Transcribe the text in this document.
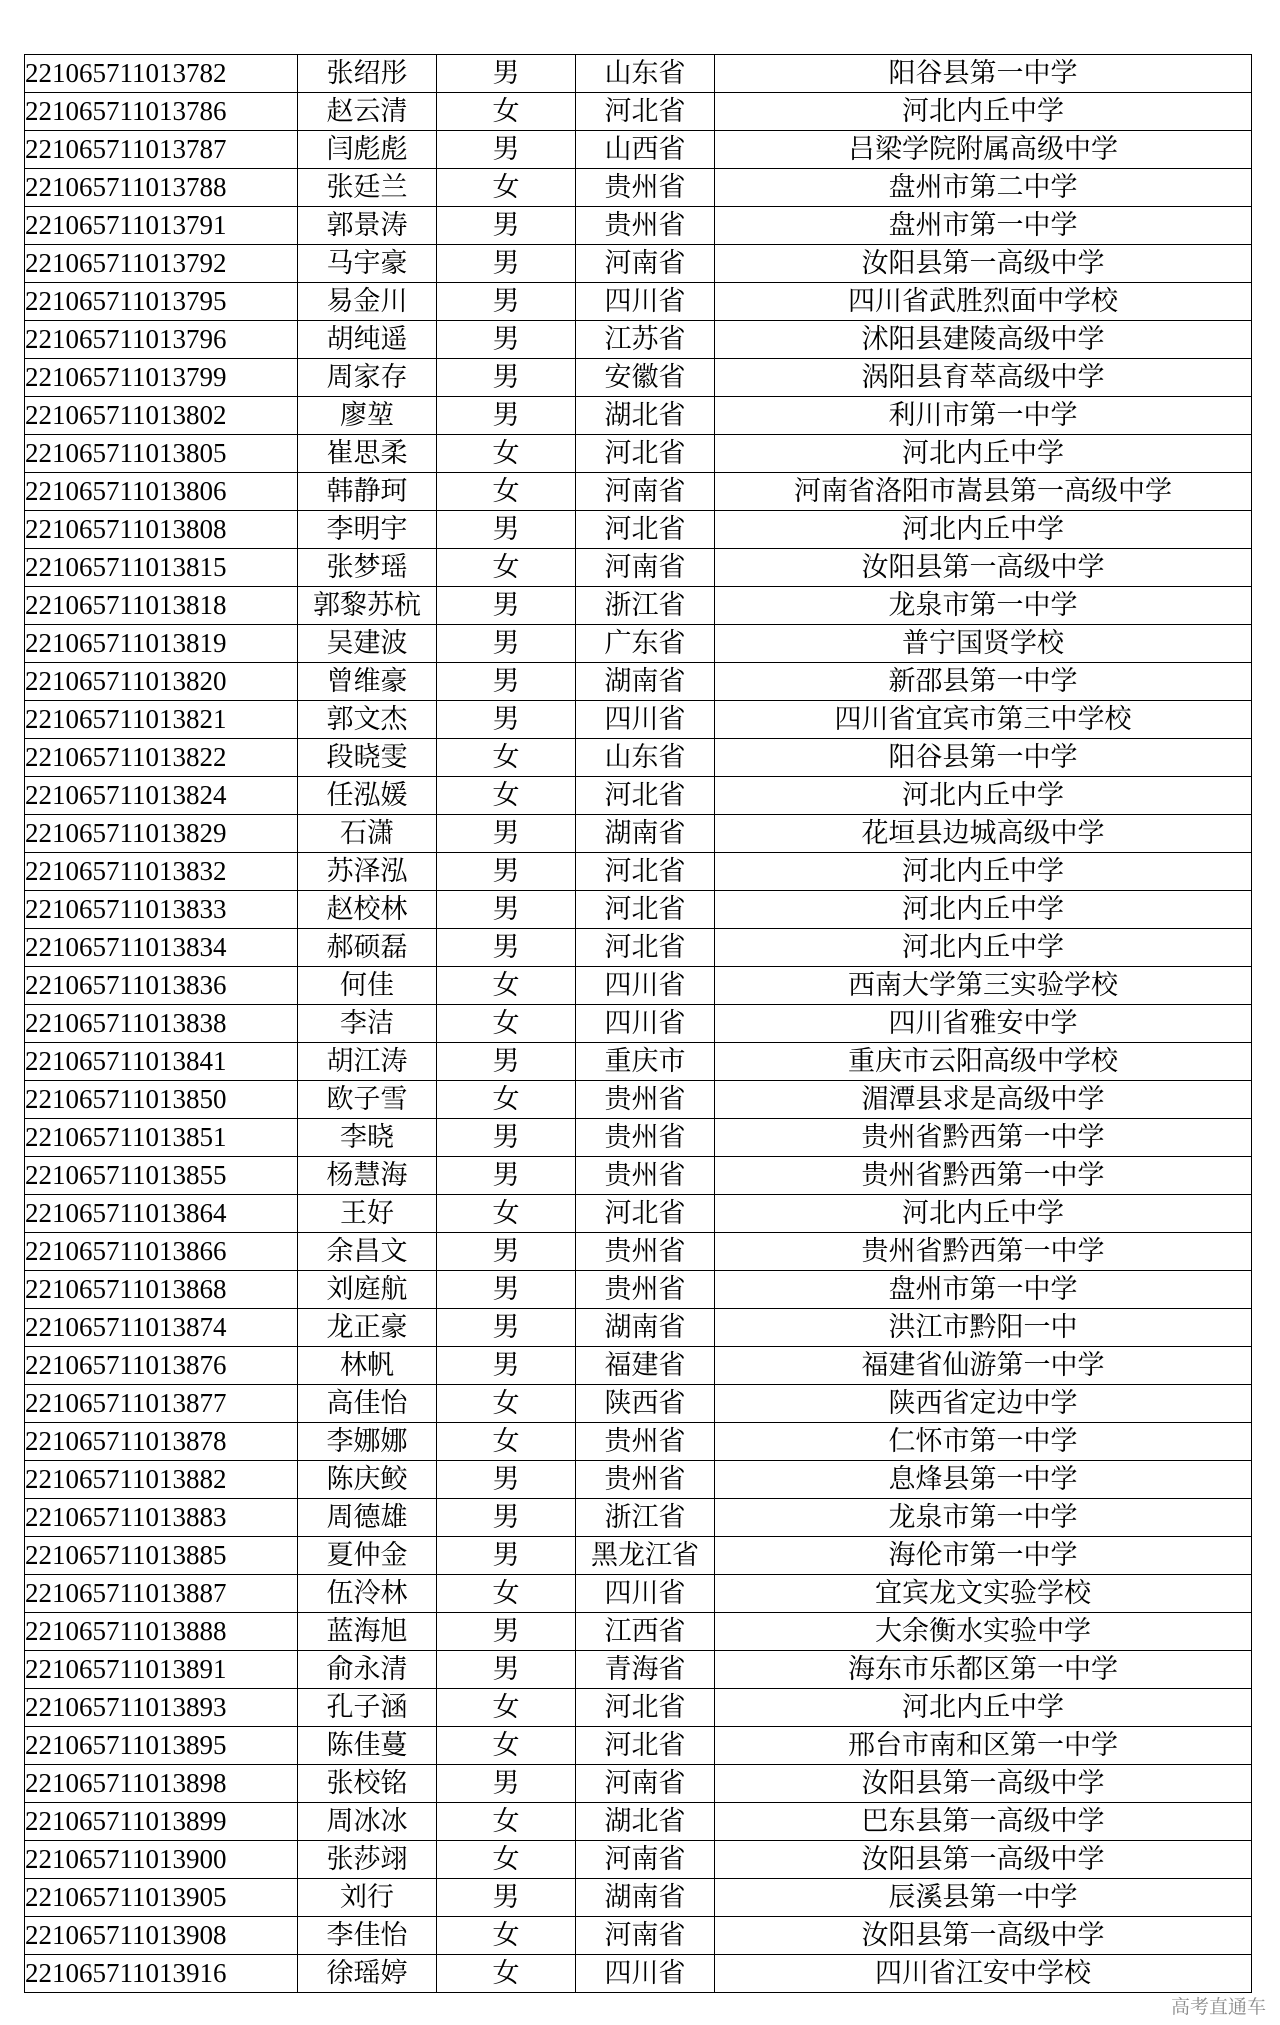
221065711013782	张绍彤	男	山东省	阳谷县第一中学
221065711013786	赵云清	女	河北省	河北内丘中学
221065711013787	闫彪彪	男	山西省	吕梁学院附属高级中学
221065711013788	张廷兰	女	贵州省	盘州市第二中学
221065711013791	郭景涛	男	贵州省	盘州市第一中学
221065711013792	马宇豪	男	河南省	汝阳县第一高级中学
221065711013795	易金川	男	四川省	四川省武胜烈面中学校
221065711013796	胡纯遥	男	江苏省	沭阳县建陵高级中学
221065711013799	周家存	男	安徽省	涡阳县育萃高级中学
221065711013802	廖堃	男	湖北省	利川市第一中学
221065711013805	崔思柔	女	河北省	河北内丘中学
221065711013806	韩静珂	女	河南省	河南省洛阳市嵩县第一高级中学
221065711013808	李明宇	男	河北省	河北内丘中学
221065711013815	张梦瑶	女	河南省	汝阳县第一高级中学
221065711013818	郭黎苏杭	男	浙江省	龙泉市第一中学
221065711013819	吴建波	男	广东省	普宁国贤学校
221065711013820	曾维豪	男	湖南省	新邵县第一中学
221065711013821	郭文杰	男	四川省	四川省宜宾市第三中学校
221065711013822	段晓雯	女	山东省	阳谷县第一中学
221065711013824	任泓媛	女	河北省	河北内丘中学
221065711013829	石潇	男	湖南省	花垣县边城高级中学
221065711013832	苏泽泓	男	河北省	河北内丘中学
221065711013833	赵校林	男	河北省	河北内丘中学
221065711013834	郝硕磊	男	河北省	河北内丘中学
221065711013836	何佳	女	四川省	西南大学第三实验学校
221065711013838	李洁	女	四川省	四川省雅安中学
221065711013841	胡江涛	男	重庆市	重庆市云阳高级中学校
221065711013850	欧子雪	女	贵州省	湄潭县求是高级中学
221065711013851	李晓	男	贵州省	贵州省黔西第一中学
221065711013855	杨慧海	男	贵州省	贵州省黔西第一中学
221065711013864	王好	女	河北省	河北内丘中学
221065711013866	余昌文	男	贵州省	贵州省黔西第一中学
221065711013868	刘庭航	男	贵州省	盘州市第一中学
221065711013874	龙正豪	男	湖南省	洪江市黔阳一中
221065711013876	林帆	男	福建省	福建省仙游第一中学
221065711013877	高佳怡	女	陕西省	陕西省定边中学
221065711013878	李娜娜	女	贵州省	仁怀市第一中学
221065711013882	陈庆鲛	男	贵州省	息烽县第一中学
221065711013883	周德雄	男	浙江省	龙泉市第一中学
221065711013885	夏仲金	男	黑龙江省	海伦市第一中学
221065711013887	伍泠林	女	四川省	宜宾龙文实验学校
221065711013888	蓝海旭	男	江西省	大余衡水实验中学
221065711013891	俞永清	男	青海省	海东市乐都区第一中学
221065711013893	孔子涵	女	河北省	河北内丘中学
221065711013895	陈佳蔓	女	河北省	邢台市南和区第一中学
221065711013898	张校铭	男	河南省	汝阳县第一高级中学
221065711013899	周冰冰	女	湖北省	巴东县第一高级中学
221065711013900	张莎翊	女	河南省	汝阳县第一高级中学
221065711013905	刘行	男	湖南省	辰溪县第一中学
221065711013908	李佳怡	女	河南省	汝阳县第一高级中学
221065711013916	徐瑶婷	女	四川省	四川省江安中学校
高考直通车
